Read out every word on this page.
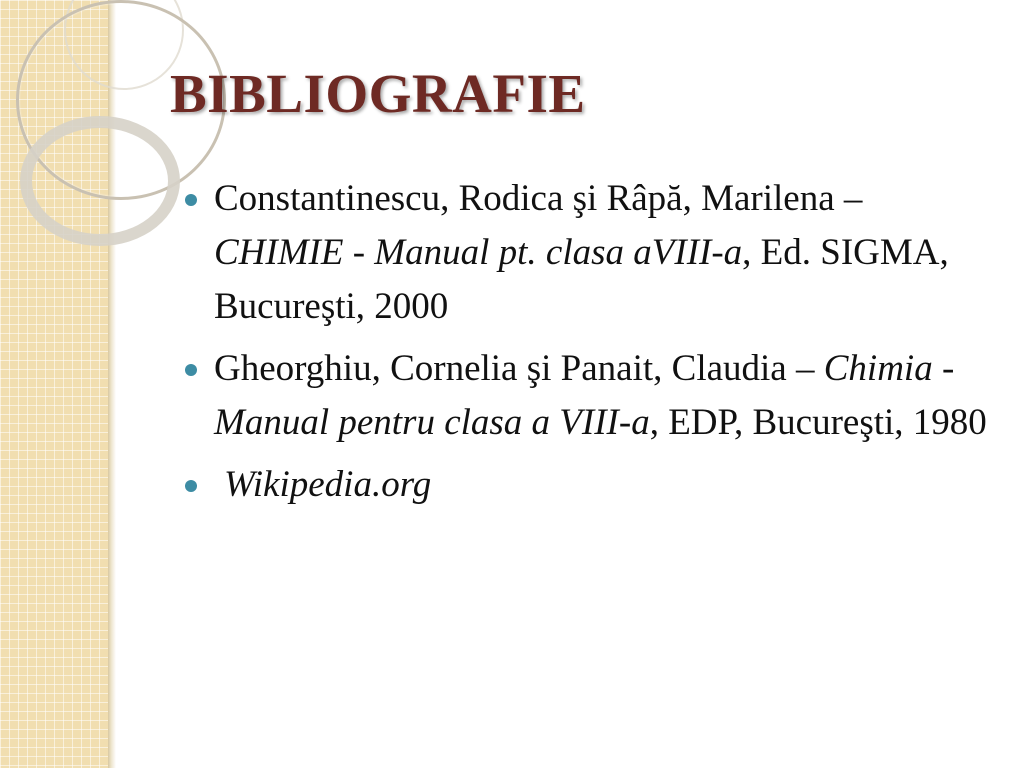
BIBLIOGRAFIE
Constantinescu, Rodica şi Râpă, Marilena – CHIMIE - Manual pt. clasa aVIII-a, Ed. SIGMA, Bucureşti, 2000
Gheorghiu, Cornelia şi Panait, Claudia – Chimia - Manual pentru clasa a VIII-a, EDP, Bucureşti, 1980
Wikipedia.org
